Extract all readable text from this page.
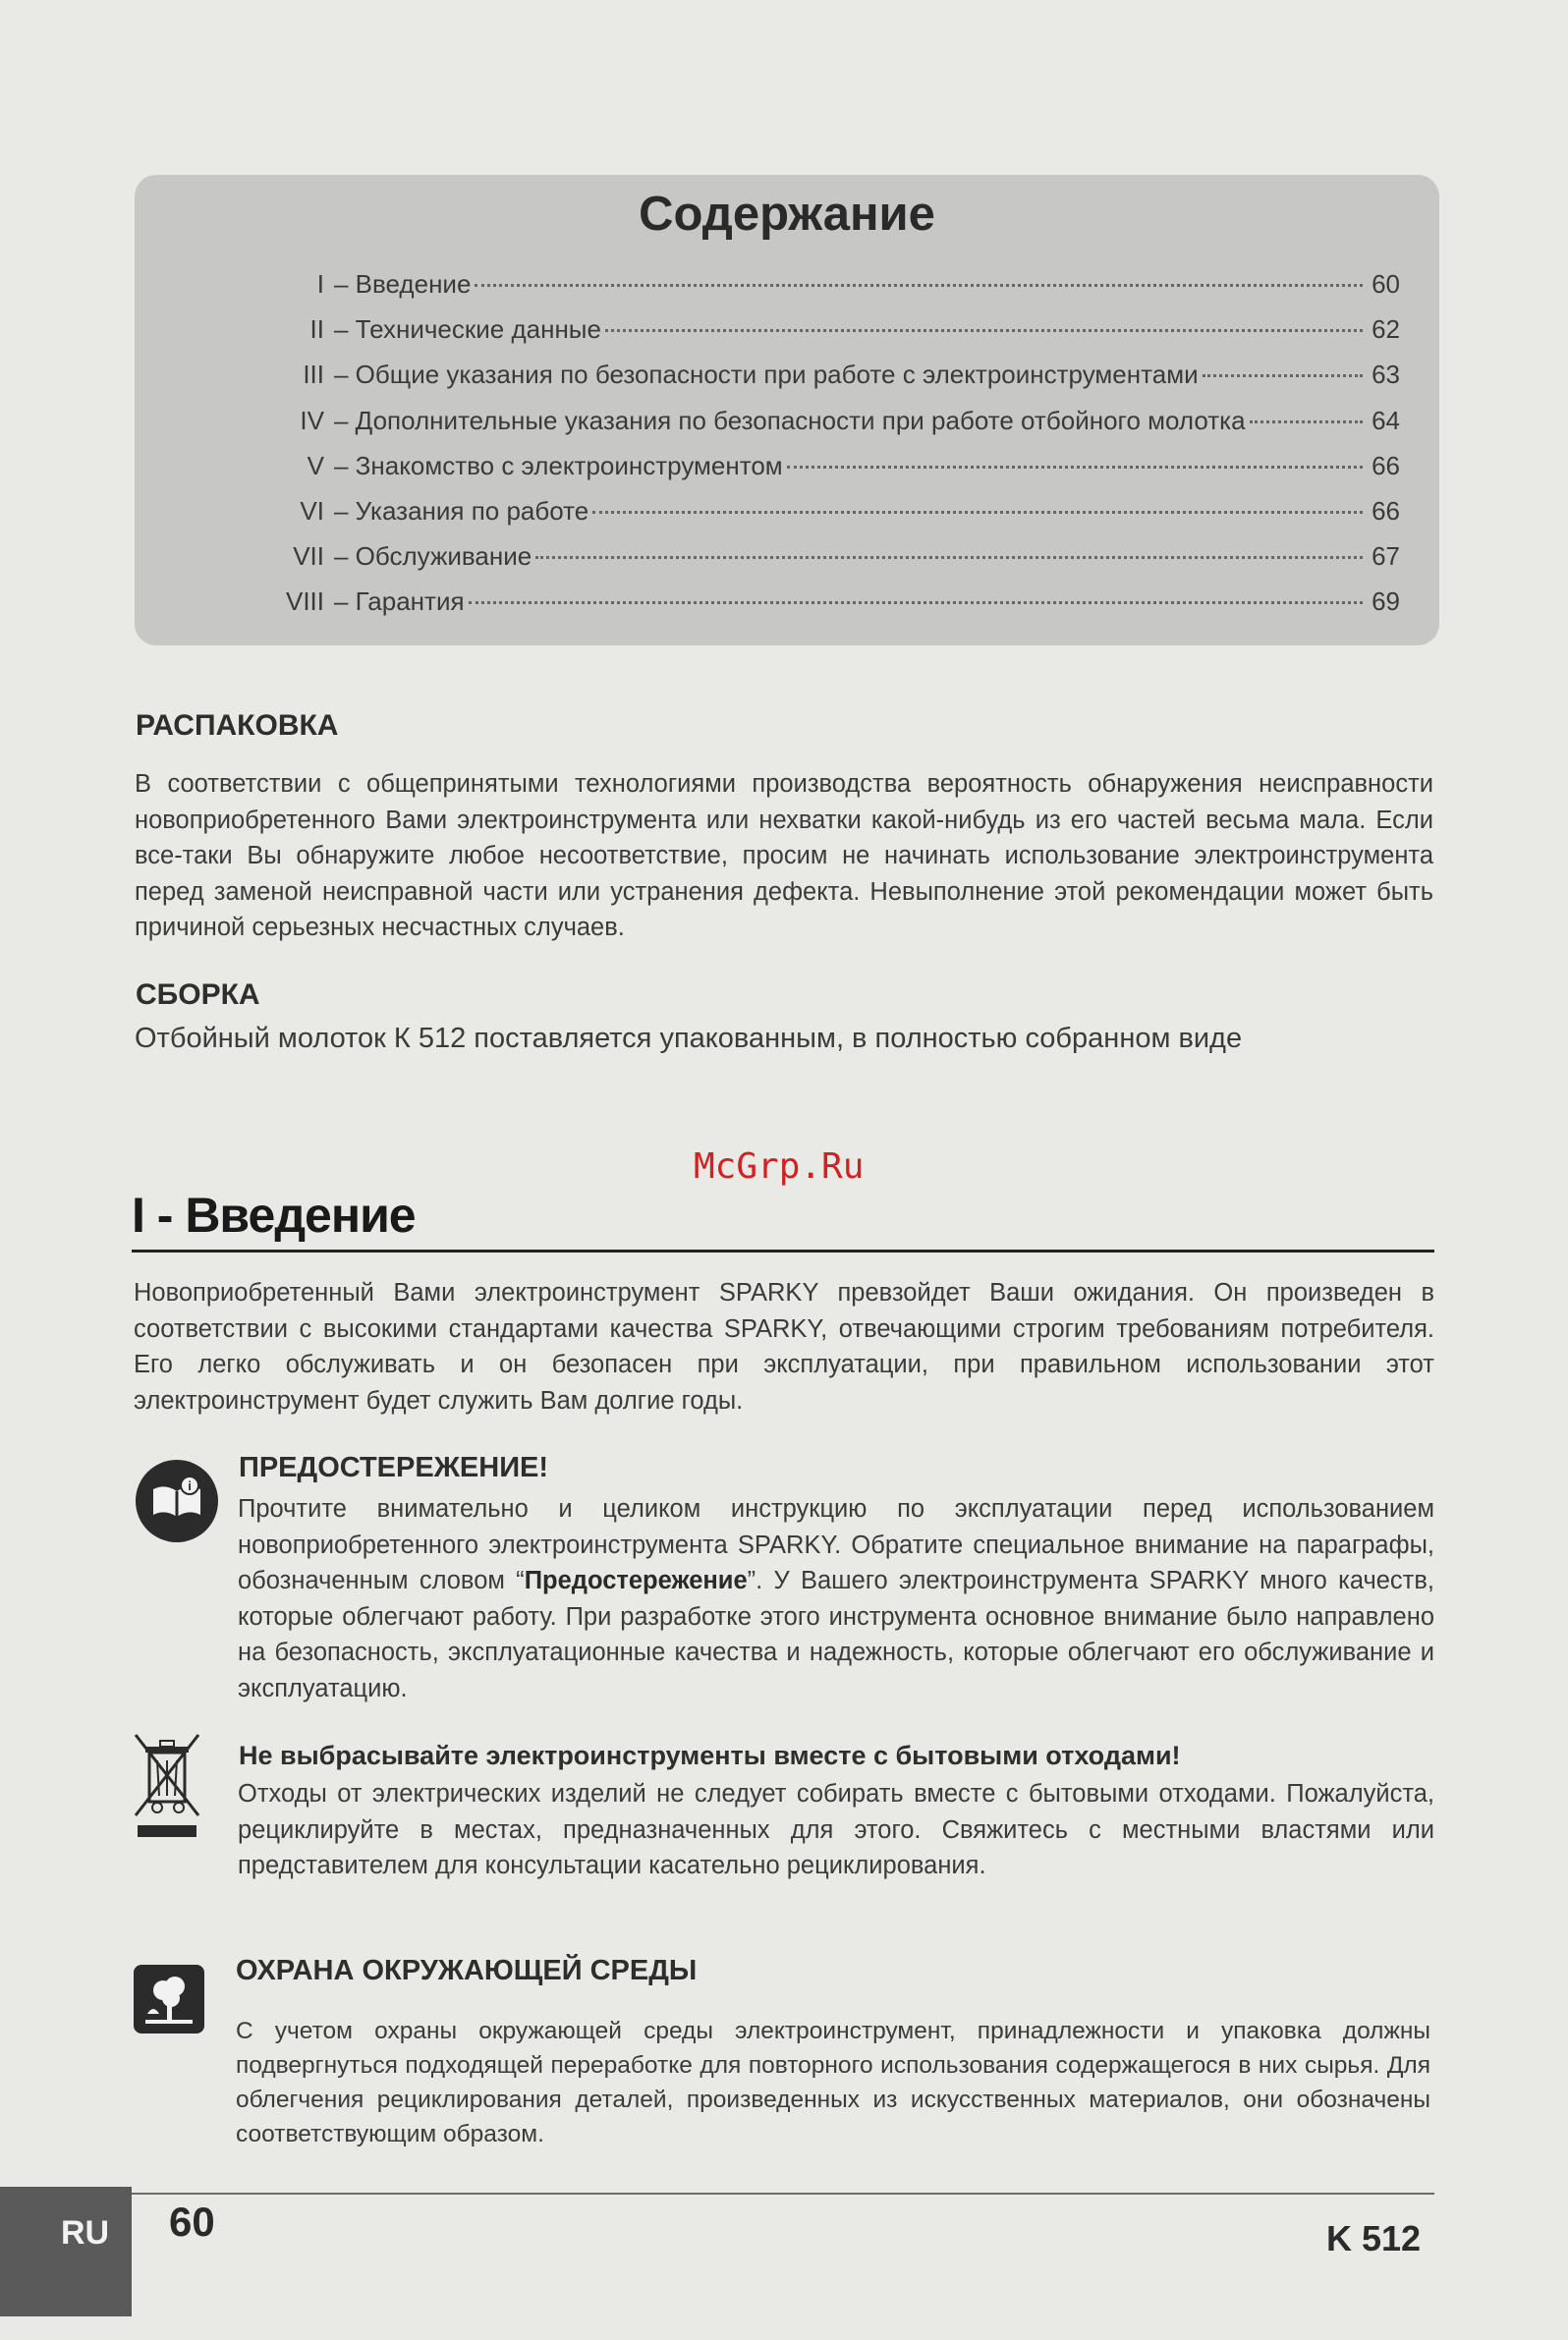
Содержание
I – Введение	60
II – Технические данные	62
III – Общие указания по безопасности при работе с электроинструментами	63
IV – Дополнительные указания по безопасности при работе отбойного молотка	64
V – Знакомство с электроинструментом	66
VI – Указания по работе	66
VII – Обслуживание	67
VIII – Гарантия	69
РАСПАКОВКА
В соответствии с общепринятыми технологиями производства вероятность обнаружения неисправности новоприобретенного Вами электроинструмента или нехватки какой-нибудь из его частей весьма мала. Если все-таки Вы обнаружите любое несоответствие, просим не начинать использование электроинструмента перед заменой неисправной части или устранения дефекта. Невыполнение этой рекомендации может быть причиной серьезных несчастных случаев.
СБОРКА
Отбойный молоток К 512 поставляется упакованным, в полностью собранном виде
McGrp.Ru
I - Введение
Новоприобретенный Вами электроинструмент SPARKY превзойдет Ваши ожидания. Он произведен в соответствии с высокими стандартами качества SPARKY, отвечающими строгим требованиям потребителя. Его легко обслуживать и он безопасен при эксплуатации, при правильном использовании этот электроинструмент будет служить Вам долгие годы.
i
ПРЕДОСТЕРЕЖЕНИЕ!
Прочтите внимательно и целиком инструкцию по эксплуатации перед использованием новоприобретенного электроинструмента SPARKY. Обратите специальное внимание на параграфы, обозначенным словом “Предостережение”. У Вашего электроинструмента SPARKY много качеств, которые облегчают работу. При разработке этого инструмента основное внимание было направлено на безопасность, эксплуатационные качества и надежность, которые облегчают его обслуживание и эксплуатацию.
Не выбрасывайте электроинструменты вместе с бытовыми отходами!
Отходы от электрических изделий не следует собирать вместе с бытовыми отходами. Пожалуйста, рециклируйте в местах, предназначенных для этого. Свяжитесь с местными властями или представителем для консультации касательно рециклирования.
ОХРАНА ОКРУЖАЮЩЕЙ СРЕДЫ
С учетом охраны окружающей среды электроинструмент, принадлежности и упаковка должны подвергнуться подходящей переработке для повторного использования содержащегося в них сырья. Для облегчения рециклирования деталей, произведенных из искусственных материалов, они обозначены соответствующим образом.
RU 60	K 512
